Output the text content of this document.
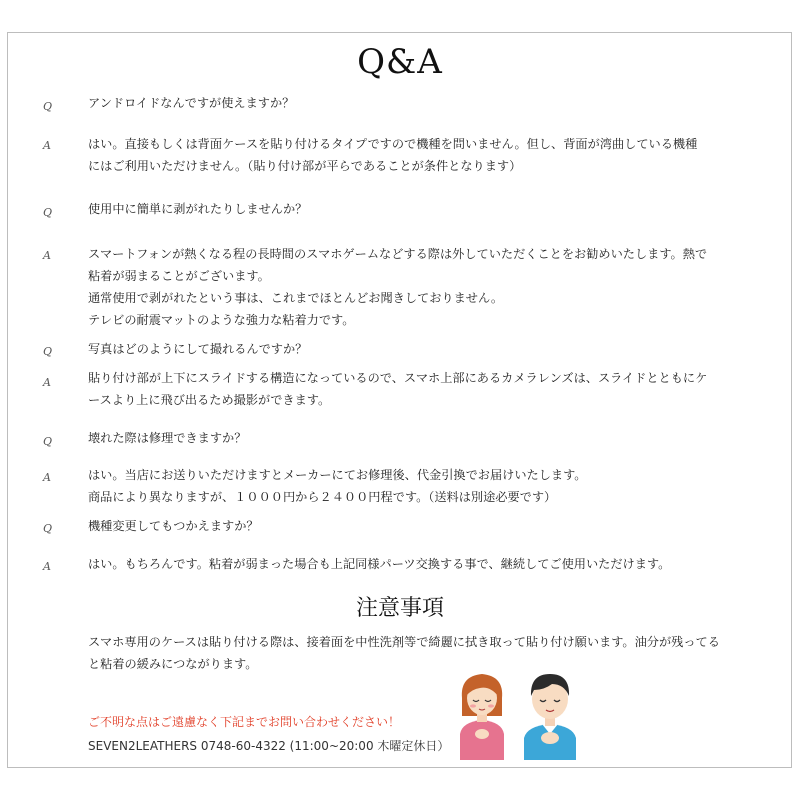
Q&A
Q	アンドロイドなんですが使えますか？
A	はい。直接もしくは背面ケースを貼り付けるタイプですので機種を問いません。但し、背面が湾曲している機種
にはご利用いただけません。（貼り付け部が平らであることが条件となります）
Q	使用中に簡単に剥がれたりしませんか？
A	スマートフォンが熱くなる程の長時間のスマホゲームなどする際は外していただくことをお勧めいたします。熱で
粘着が弱まることがございます。
通常使用で剥がれたという事は、これまでほとんどお聞きしておりません。
テレビの耐震マットのような強力な粘着力です。
Q	写真はどのようにして撮れるんですか？
A	貼り付け部が上下にスライドする構造になっているので、スマホ上部にあるカメラレンズは、スライドとともにケ
ースより上に飛び出るため撮影ができます。
Q	壊れた際は修理できますか？
A	はい。当店にお送りいただけますとメーカーにてお修理後、代金引換でお届けいたします。
商品により異なりますが、１０００円から２４００円程です。（送料は別途必要です）
Q	機種変更してもつかえますか？
A	はい。もちろんです。粘着が弱まった場合も上記同様パーツ交換する事で、継続してご使用いただけます。
注意事項
スマホ専用のケースは貼り付ける際は、接着面を中性洗剤等で綺麗に拭き取って貼り付け願います。油分が残ってる
と粘着の緩みにつながります。
ご不明な点はご遠慮なく下記までお問い合わせください！
SEVEN2LEATHERS 0748-60-4322 (11:00~20:00 木曜定休日）
